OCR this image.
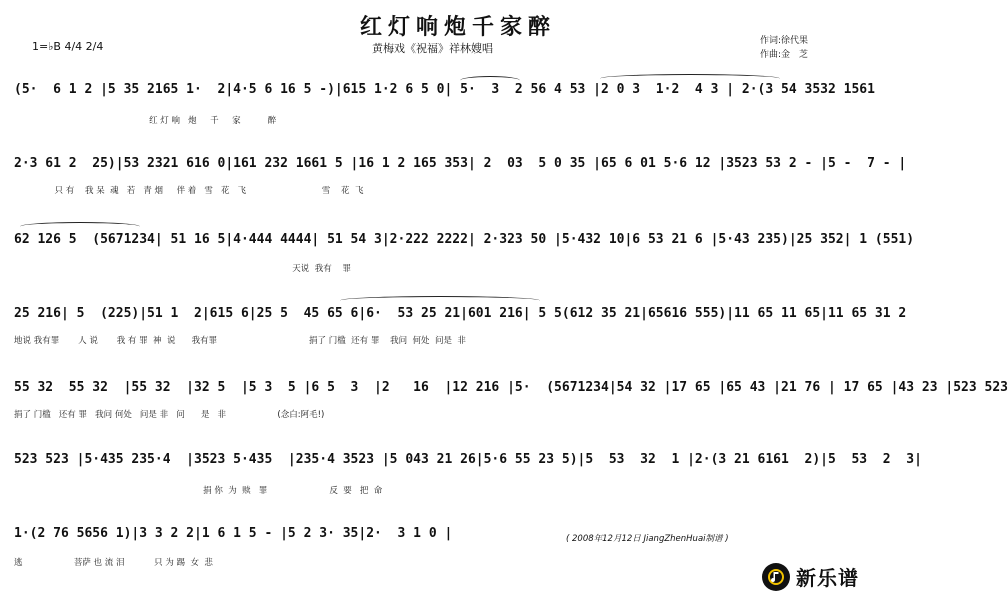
红灯响炮千家醉
黄梅戏《祝福》祥林嫂唱
作词:徐代果
作曲:金　芝
1=♭B 4/4 2/4
(5·  6 1 2 |5 35 2165 1·  2|4·5 6 16 5 -)|615 1·2 6 5 0| 5·  3  2 56 4 53 |2 0 3  1·2  4 3 | 2·(3 54 3532 1561
红 灯 响   炮     千     家          醉
2·3 61 2  25)|53 2321 616 0|161 232 1661 5 |16 1 2 165 353| 2  03  5 0 35 |65 6 01 5·6 12 |3523 53 2 - |5 -  7 - |
只 有    我 呆  魂   若   青 烟     伴 着   雪   花   飞                            雪    花  飞
62 126 5  (5671234| 51 16 5|4·444 4444| 51 54 3|2·222 2222| 2·323 50 |5·432 10|6 53 21 6 |5·43 235)|25 352| 1 (551)
天说  我有    罪
25 216| 5  (225)|51 1  2|615 6|25 5  45 65 6|6·  53 25 21|601 216| 5 5(612 35 21|65616 555)|11 65 11 65|11 65 31 2
地说 我有罪       人 说       我 有 罪  神  说      我有罪                                  捐了 门槛  还有 罪    我问  何处  问是  非
55 32  55 32  |55 32  |32 5  |5 3  5 |6 5  3  |2   16  |12 216 |5·  (5671234|54 32 |17 65 |65 43 |21 76 | 17 65 |43 23 |523 523
捐了 门槛   还有 罪   我问 何处   问是 非   问      是   非                   (念白:阿毛!)
523 523 |5·435 235·4  |3523 5·435  |235·4 3523 |5 043 21 26|5·6 55 23 5)|5  53  32  1 |2·(3 21 6161  2)|5  53  2  3|
捐 你  为  赎   罪                       反  要   把  命
1·(2 76 5656 1)|3 3 2 2|1 6 1 5 - |5 2 3· 35|2·  3 1 0 |
逃                   菩萨 也 流 泪           只 为 踢  女  悲
( 2008年12月12日 JiangZhenHuai制谱 )
新乐谱
